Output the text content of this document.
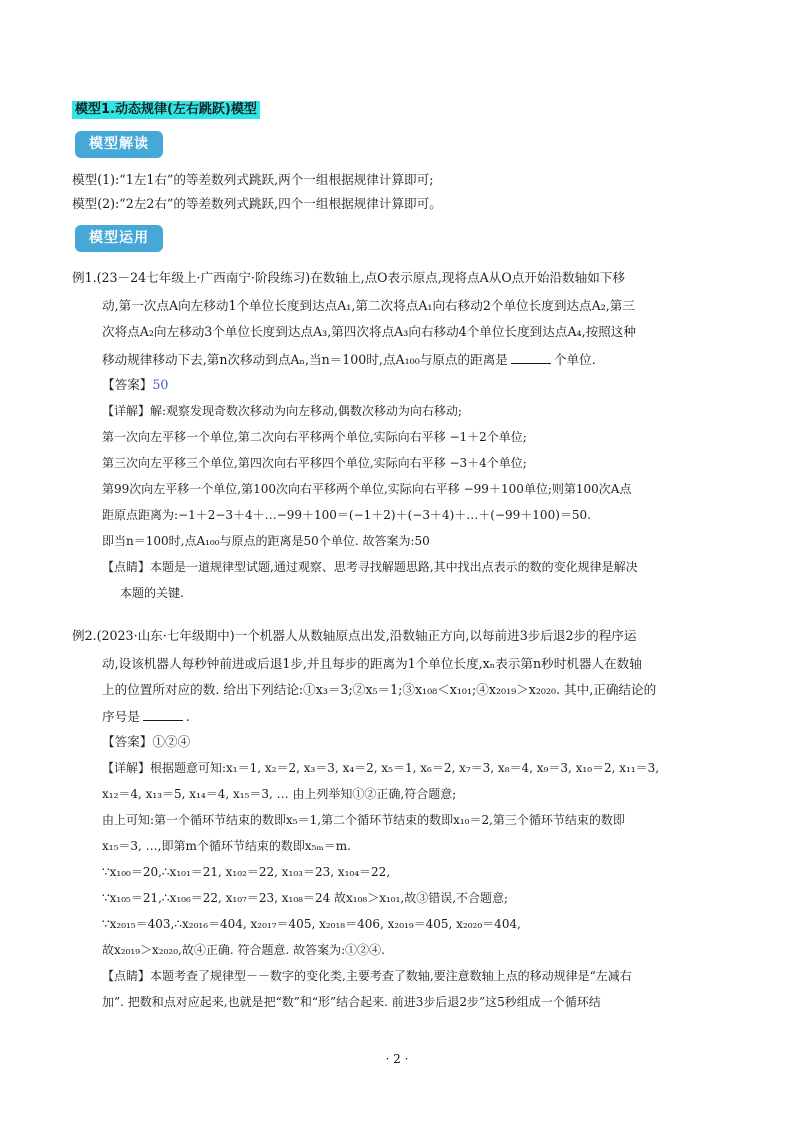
模型1.动态规律(左右跳跃)模型
模型解读
模型(1):“1左1右”的等差数列式跳跃,两个一组根据规律计算即可;
模型(2):“2左2右”的等差数列式跳跃,四个一组根据规律计算即可。
模型运用
例1.(23－24七年级上·广西南宁·阶段练习)在数轴上,点O表示原点,现将点A从O点开始沿数轴如下移
动,第一次点A向左移动1个单位长度到达点A₁,第二次将点A₁向右移动2个单位长度到达点A₂,第三
次将点A₂向左移动3个单位长度到达点A₃,第四次将点A₃向右移动4个单位长度到达点A₄,按照这种
移动规律移动下去,第n次移动到点Aₙ,当n＝100时,点A₁₀₀与原点的距离是	个单位.
【答案】50
【详解】解:观察发现奇数次移动为向左移动,偶数次移动为向右移动;
第一次向左平移一个单位,第二次向右平移两个单位,实际向右平移 −1＋2个单位;
第三次向左平移三个单位,第四次向右平移四个单位,实际向右平移 −3＋4个单位;
第99次向左平移一个单位,第100次向右平移两个单位,实际向右平移 −99＋100单位;则第100次A点
距原点距离为:−1＋2−3＋4＋…−99＋100＝(−1＋2)＋(−3＋4)＋…＋(−99＋100)＝50.
即当n＝100时,点A₁₀₀与原点的距离是50个单位. 故答案为:50
【点睛】本题是一道规律型试题,通过观察、思考寻找解题思路,其中找出点表示的数的变化规律是解决
本题的关键.
例2.(2023·山东·七年级期中)一个机器人从数轴原点出发,沿数轴正方向,以每前进3步后退2步的程序运
动,设该机器人每秒钟前进或后退1步,并且每步的距离为1个单位长度,xₙ表示第n秒时机器人在数轴
上的位置所对应的数. 给出下列结论:①x₃＝3;②x₅＝1;③x₁₀₈＜x₁₀₁;④x₂₀₁₉＞x₂₀₂₀. 其中,正确结论的
序号是	.
【答案】①②④
【详解】根据题意可知:x₁＝1, x₂＝2, x₃＝3, x₄＝2, x₅＝1, x₆＝2, x₇＝3, x₈＝4, x₉＝3, x₁₀＝2, x₁₁＝3,
x₁₂＝4, x₁₃＝5, x₁₄＝4, x₁₅＝3, … 由上列举知①②正确,符合题意;
由上可知:第一个循环节结束的数即x₅＝1,第二个循环节结束的数即x₁₀＝2,第三个循环节结束的数即
x₁₅＝3, …,即第m个循环节结束的数即x₅ₘ＝m.
∵x₁₀₀＝20,∴x₁₀₁＝21, x₁₀₂＝22, x₁₀₃＝23, x₁₀₄＝22,
∵x₁₀₅＝21,∴x₁₀₆＝22, x₁₀₇＝23, x₁₀₈＝24 故x₁₀₈＞x₁₀₁,故③错误,不合题意;
∵x₂₀₁₅＝403,∴x₂₀₁₆＝404, x₂₀₁₇＝405, x₂₀₁₈＝406, x₂₀₁₉＝405, x₂₀₂₀＝404,
故x₂₀₁₉＞x₂₀₂₀,故④正确. 符合题意. 故答案为:①②④.
【点睛】本题考查了规律型－－数字的变化类,主要考查了数轴,要注意数轴上点的移动规律是“左减右
加”. 把数和点对应起来,也就是把“数”和“形”结合起来. 前进3步后退2步”这5秒组成一个循环结
· 2 ·
